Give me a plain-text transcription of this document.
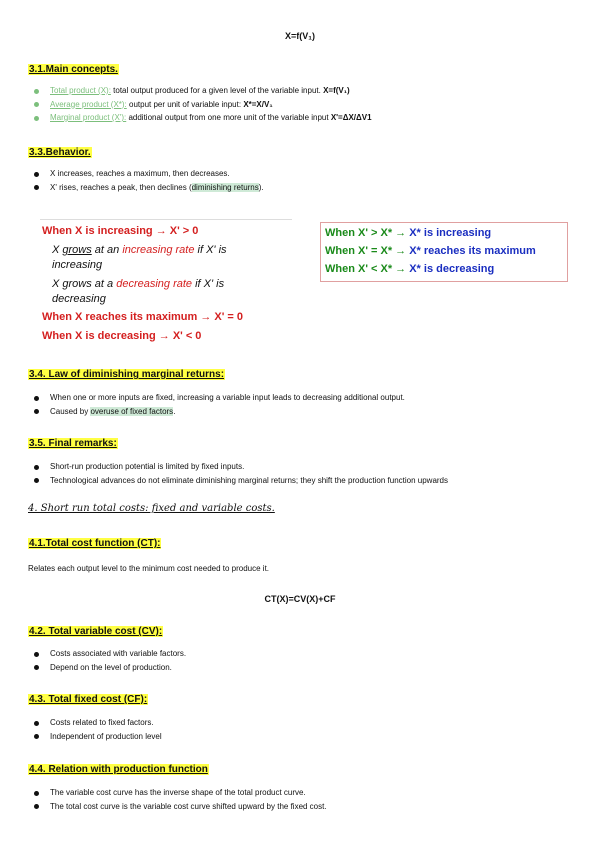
X=f(V₁)
3.1.Main concepts.
Total product (X): total output produced for a given level of the variable input. X=f(V₁)
Average product (X*): output per unit of variable input: X*=X/V₁
Marginal product (X'): additional output from one more unit of the variable input X'=ΔX/ΔV1
3.3.Behavior.
X increases, reaches a maximum, then decreases.
X' rises, reaches a peak, then declines (diminishing returns).
When X is increasing → X' > 0
X grows at an increasing rate if X' is
increasing
X grows at a decreasing rate if X' is
decreasing
When X reaches its maximum → X' = 0
When X is decreasing → X' < 0
When X' > X* → X* is increasing
When X' = X* → X* reaches its maximum
When X' < X* → X* is decreasing
3.4. Law of diminishing marginal returns:
When one or more inputs are fixed, increasing a variable input leads to decreasing additional output.
Caused by overuse of fixed factors.
3.5. Final remarks:
Short-run production potential is limited by fixed inputs.
Technological advances do not eliminate diminishing marginal returns; they shift the production function upwards
4. Short run total costs: fixed and variable costs.
4.1.Total cost function (CT):
Relates each output level to the minimum cost needed to produce it.
CT(X)=CV(X)+CF
4.2. Total variable cost (CV):
Costs associated with variable factors.
Depend on the level of production.
4.3. Total fixed cost (CF):
Costs related to fixed factors.
Independent of production level
4.4. Relation with production function
The variable cost curve has the inverse shape of the total product curve.
The total cost curve is the variable cost curve shifted upward by the fixed cost.
